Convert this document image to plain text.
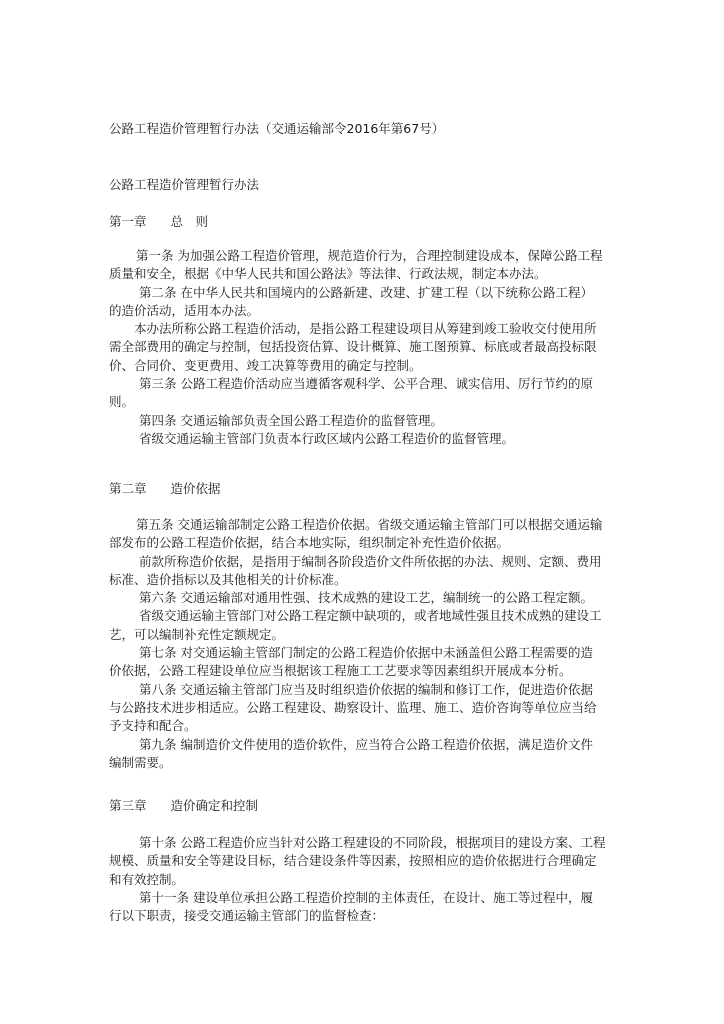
公路工程造价管理暂行办法（交通运输部令2016年第67号）
公路工程造价管理暂行办法
第一章 总　则
第一条 为加强公路工程造价管理，规范造价行为，合理控制建设成本，保障公路工程
质量和安全，根据《中华人民共和国公路法》等法律、行政法规，制定本办法。
第二条 在中华人民共和国境内的公路新建、改建、扩建工程（以下统称公路工程）
的造价活动，适用本办法。
本办法所称公路工程造价活动，是指公路工程建设项目从筹建到竣工验收交付使用所
需全部费用的确定与控制，包括投资估算、设计概算、施工图预算、标底或者最高投标限
价、合同价、变更费用、竣工决算等费用的确定与控制。
第三条 公路工程造价活动应当遵循客观科学、公平合理、诚实信用、厉行节约的原
则。
第四条 交通运输部负责全国公路工程造价的监督管理。
省级交通运输主管部门负责本行政区域内公路工程造价的监督管理。
第二章 造价依据
第五条 交通运输部制定公路工程造价依据。省级交通运输主管部门可以根据交通运输
部发布的公路工程造价依据，结合本地实际，组织制定补充性造价依据。
前款所称造价依据，是指用于编制各阶段造价文件所依据的办法、规则、定额、费用
标准、造价指标以及其他相关的计价标准。
第六条 交通运输部对通用性强、技术成熟的建设工艺，编制统一的公路工程定额。
省级交通运输主管部门对公路工程定额中缺项的，或者地域性强且技术成熟的建设工
艺，可以编制补充性定额规定。
第七条 对交通运输主管部门制定的公路工程造价依据中未涵盖但公路工程需要的造
价依据，公路工程建设单位应当根据该工程施工工艺要求等因素组织开展成本分析。
第八条 交通运输主管部门应当及时组织造价依据的编制和修订工作，促进造价依据
与公路技术进步相适应。公路工程建设、勘察设计、监理、施工、造价咨询等单位应当给
予支持和配合。
第九条 编制造价文件使用的造价软件，应当符合公路工程造价依据，满足造价文件
编制需要。
第三章 造价确定和控制
第十条 公路工程造价应当针对公路工程建设的不同阶段，根据项目的建设方案、工程
规模、质量和安全等建设目标，结合建设条件等因素，按照相应的造价依据进行合理确定
和有效控制。
第十一条 建设单位承担公路工程造价控制的主体责任，在设计、施工等过程中，履
行以下职责，接受交通运输主管部门的监督检查：
